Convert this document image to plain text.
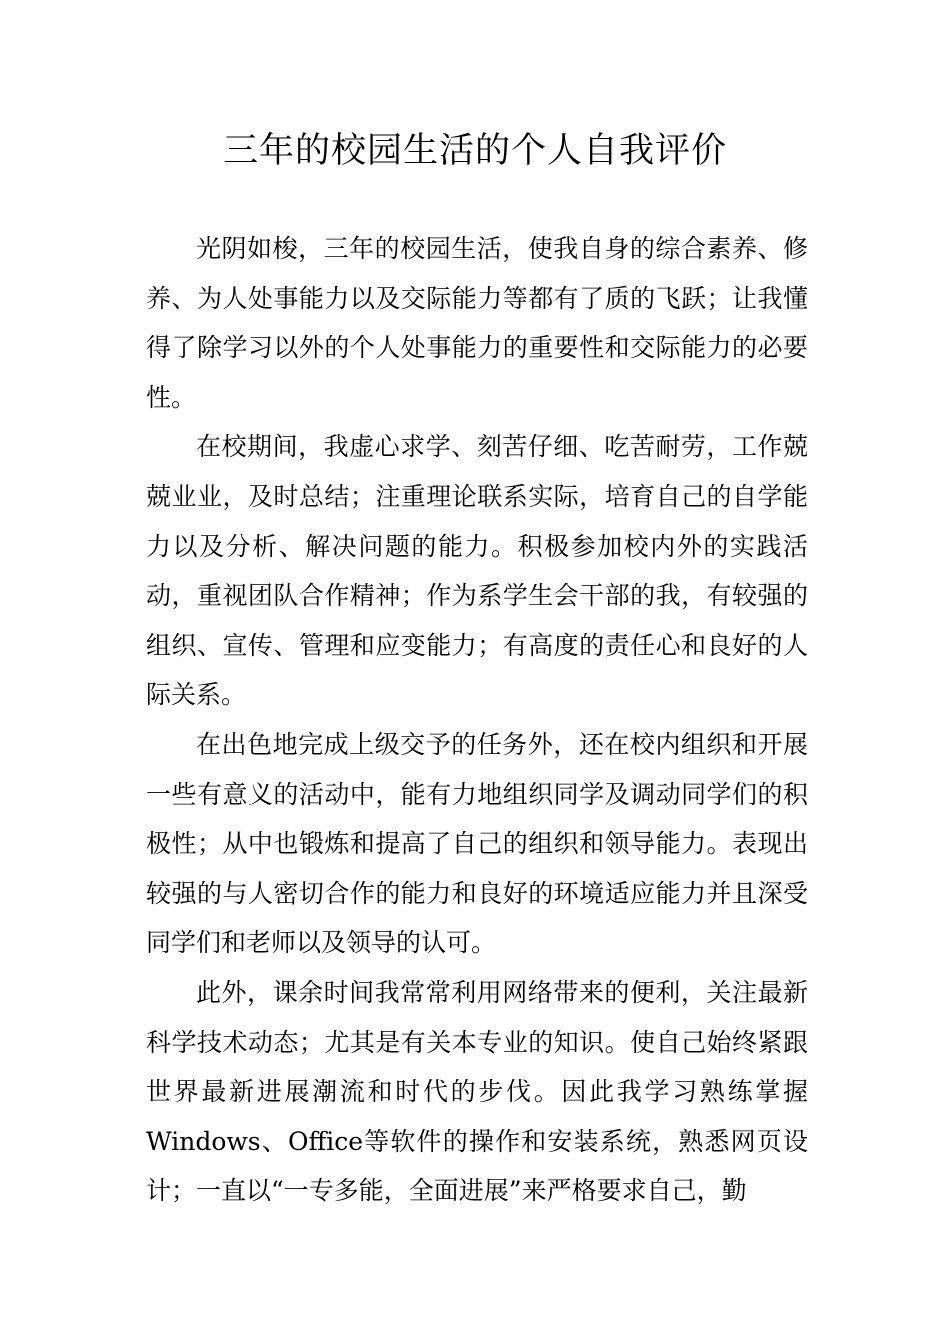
三年的校园生活的个人自我评价

光阴如梭，三年的校园生活，使我自身的综合素养、修养、为人处事能力以及交际能力等都有了质的飞跃；让我懂得了除学习以外的个人处事能力的重要性和交际能力的必要性。

在校期间，我虚心求学、刻苦仔细、吃苦耐劳，工作兢兢业业，及时总结；注重理论联系实际，培育自己的自学能力以及分析、解决问题的能力。积极参加校内外的实践活动，重视团队合作精神；作为系学生会干部的我，有较强的组织、宣传、管理和应变能力；有高度的责任心和良好的人际关系。

在出色地完成上级交予的任务外，还在校内组织和开展一些有意义的活动中，能有力地组织同学及调动同学们的积极性；从中也锻炼和提高了自己的组织和领导能力。表现出较强的与人密切合作的能力和良好的环境适应能力并且深受同学们和老师以及领导的认可。

此外，课余时间我常常利用网络带来的便利，关注最新科学技术动态；尤其是有关本专业的知识。使自己始终紧跟世界最新进展潮流和时代的步伐。因此我学习熟练掌握Windows、Office等软件的操作和安装系统，熟悉网页设计；一直以“一专多能，全面进展”来严格要求自己，勤
